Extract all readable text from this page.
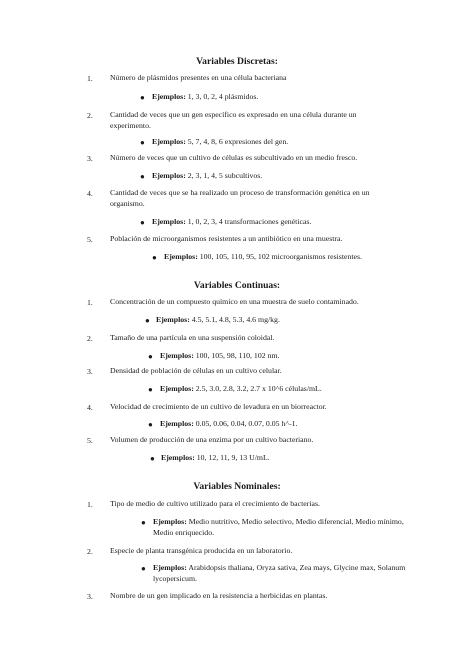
Variables Discretas:
1. Número de plásmidos presentes en una célula bacteriana
● Ejemplos: 1, 3, 0, 2, 4 plásmidos.
2. Cantidad de veces que un gen específico es expresado en una célula durante un experimento.
● Ejemplos: 5, 7, 4, 8, 6 expresiones del gen.
3. Número de veces que un cultivo de células es subcultivado en un medio fresco.
● Ejemplos: 2, 3, 1, 4, 5 subcultivos.
4. Cantidad de veces que se ha realizado un proceso de transformación genética en un organismo.
● Ejemplos: 1, 0, 2, 3, 4 transformaciones genéticas.
5. Población de microorganismos resistentes a un antibiótico en una muestra.
● Ejemplos: 100, 105, 110, 95, 102 microorganismos resistentes.
Variables Continuas:
1. Concentración de un compuesto químico en una muestra de suelo contaminado.
● Ejemplos: 4.5, 5.1, 4.8, 5.3, 4.6 mg/kg.
2. Tamaño de una partícula en una suspensión coloidal.
● Ejemplos: 100, 105, 98, 110, 102 nm.
3. Densidad de población de células en un cultivo celular.
● Ejemplos: 2.5, 3.0, 2.8, 3.2, 2.7 x 10^6 células/mL.
4. Velocidad de crecimiento de un cultivo de levadura en un biorreactor.
● Ejemplos: 0.05, 0.06, 0.04, 0.07, 0.05 h^-1.
5. Volumen de producción de una enzima por un cultivo bacteriano.
● Ejemplos: 10, 12, 11, 9, 13 U/mL.
Variables Nominales:
1. Tipo de medio de cultivo utilizado para el crecimiento de bacterias.
● Ejemplos: Medio nutritivo, Medio selectivo, Medio diferencial, Medio mínimo, Medio enriquecido.
2. Especie de planta transgénica producida en un laboratorio.
● Ejemplos: Arabidopsis thaliana, Oryza sativa, Zea mays, Glycine max, Solanum lycopersicum.
3. Nombre de un gen implicado en la resistencia a herbicidas en plantas.
